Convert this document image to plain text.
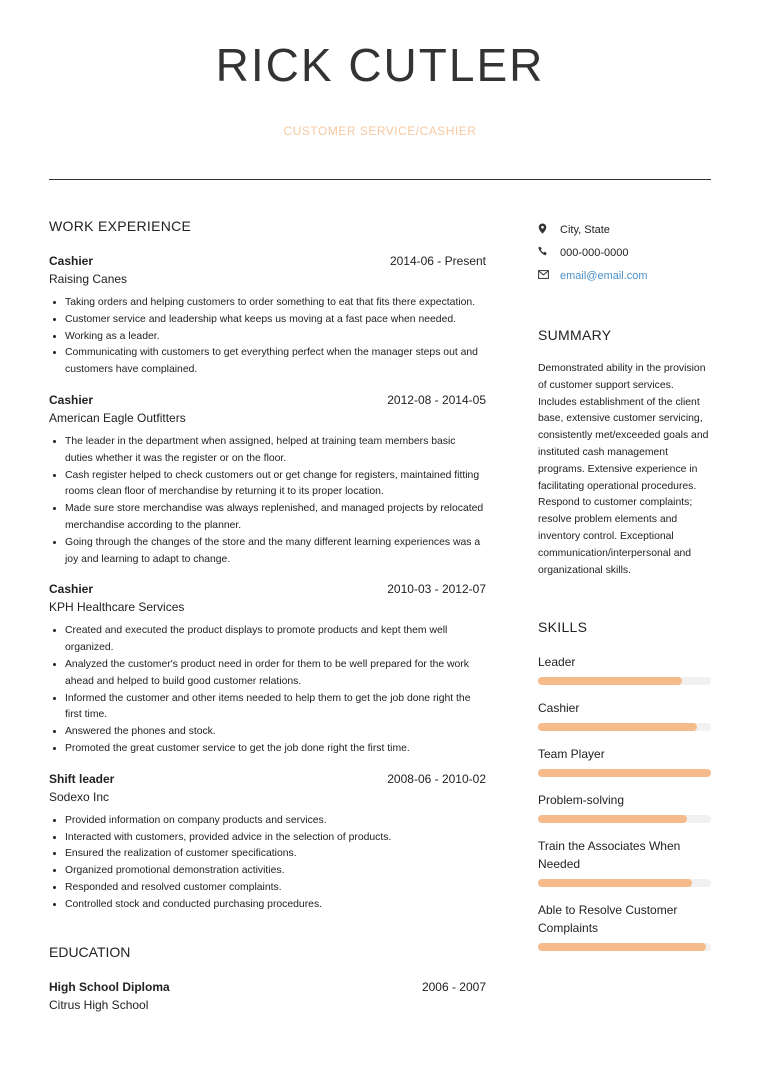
RICK CUTLER
CUSTOMER SERVICE/CASHIER
WORK EXPERIENCE
Cashier	2014-06 - Present
Raising Canes
• Taking orders and helping customers to order something to eat that fits there expectation.
• Customer service and leadership what keeps us moving at a fast pace when needed.
• Working as a leader.
• Communicating with customers to get everything perfect when the manager steps out and customers have complained.
Cashier	2012-08 - 2014-05
American Eagle Outfitters
• The leader in the department when assigned, helped at training team members basic duties whether it was the register or on the floor.
• Cash register helped to check customers out or get change for registers, maintained fitting rooms clean floor of merchandise by returning it to its proper location.
• Made sure store merchandise was always replenished, and managed projects by relocated merchandise according to the planner.
• Going through the changes of the store and the many different learning experiences was a joy and learning to adapt to change.
Cashier	2010-03 - 2012-07
KPH Healthcare Services
• Created and executed the product displays to promote products and kept them well organized.
• Analyzed the customer's product need in order for them to be well prepared for the work ahead and helped to build good customer relations.
• Informed the customer and other items needed to help them to get the job done right the first time.
• Answered the phones and stock.
• Promoted the great customer service to get the job done right the first time.
Shift leader	2008-06 - 2010-02
Sodexo Inc
• Provided information on company products and services.
• Interacted with customers, provided advice in the selection of products.
• Ensured the realization of customer specifications.
• Organized promotional demonstration activities.
• Responded and resolved customer complaints.
• Controlled stock and conducted purchasing procedures.
EDUCATION
High School Diploma	2006 - 2007
Citrus High School
City, State
000-000-0000
email@email.com
SUMMARY
Demonstrated ability in the provision of customer support services. Includes establishment of the client base, extensive customer servicing, consistently met/exceeded goals and instituted cash management programs. Extensive experience in facilitating operational procedures. Respond to customer complaints; resolve problem elements and inventory control. Exceptional communication/interpersonal and organizational skills.
SKILLS
Leader
Cashier
Team Player
Problem-solving
Train the Associates When Needed
Able to Resolve Customer Complaints
